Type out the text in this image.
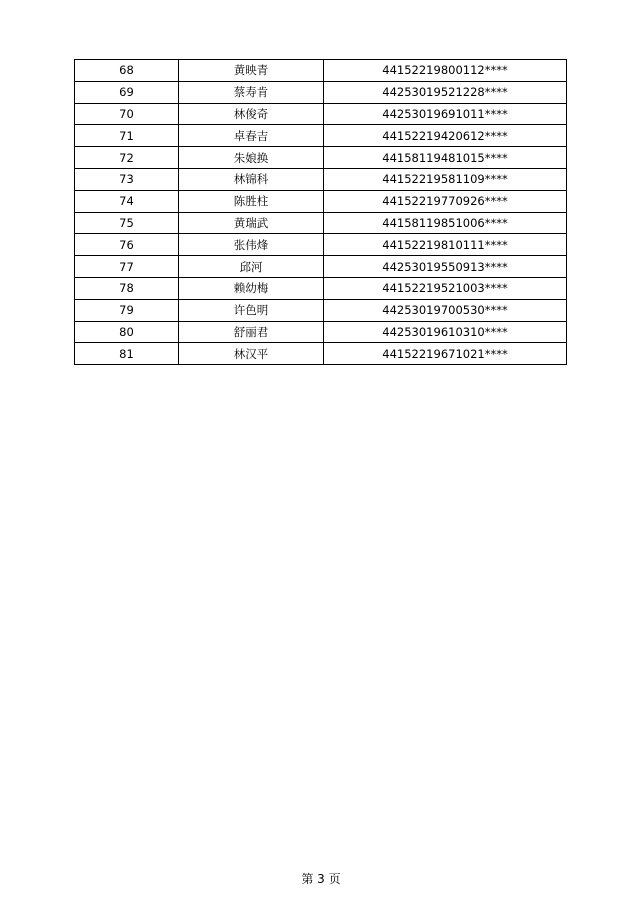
68	黄映青	44152219800112****
69	蔡寿肯	44253019521228****
70	林俊奇	44253019691011****
71	卓春吉	44152219420612****
72	朱娘换	44158119481015****
73	林锦科	44152219581109****
74	陈胜柱	44152219770926****
75	黄瑞武	44158119851006****
76	张伟烽	44152219810111****
77	邱河	44253019550913****
78	赖幼梅	44152219521003****
79	许色明	44253019700530****
80	舒丽君	44253019610310****
81	林汉平	44152219671021****
第 3 页
